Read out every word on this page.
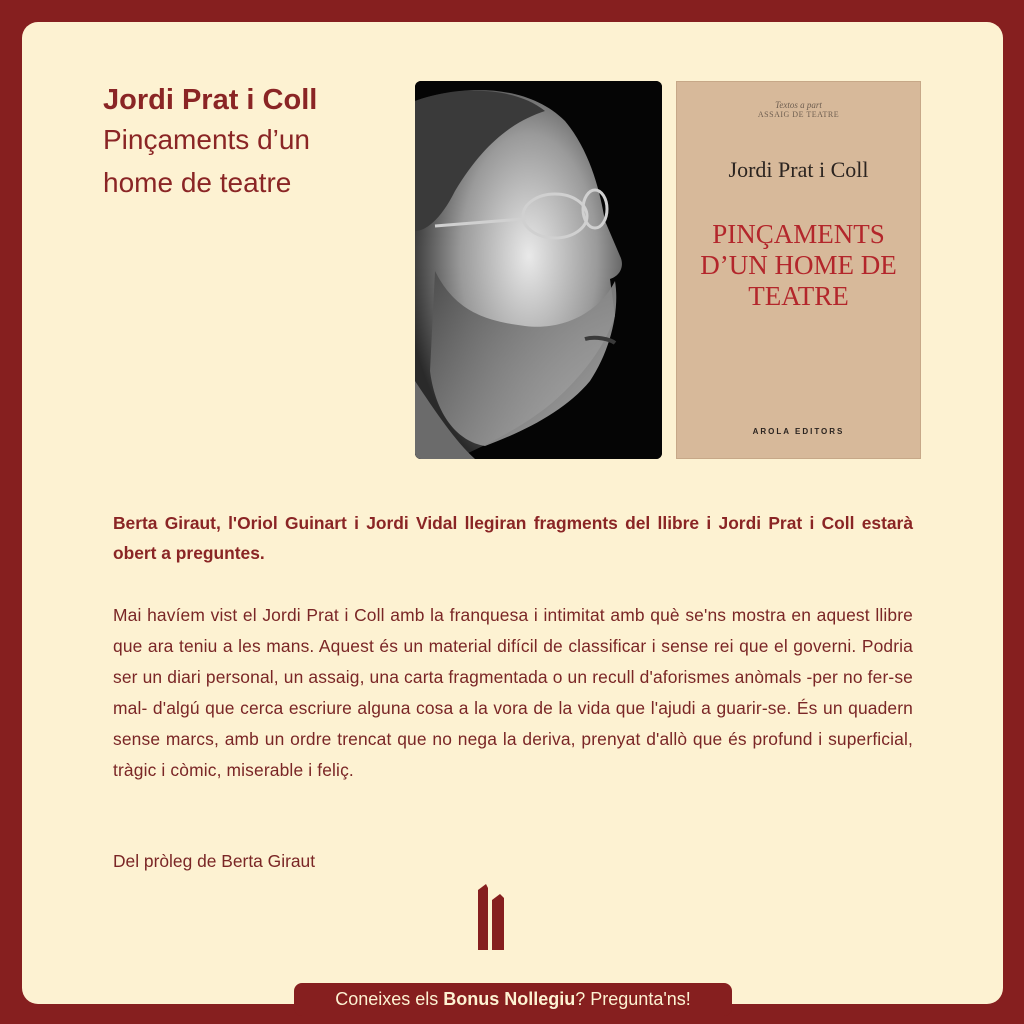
Jordi Prat i Coll
Pinçaments d’un home de teatre
Textos a part
ASSAIG DE TEATRE
Jordi Prat i Coll
PINÇAMENTS D’UN HOME DE TEATRE
AROLA EDITORS
Berta Giraut, l'Oriol Guinart i Jordi Vidal llegiran fragments del llibre i Jordi Prat i Coll estarà obert a preguntes.
Mai havíem vist el Jordi Prat i Coll amb la franquesa i intimitat amb què se'ns mostra en aquest llibre que ara teniu a les mans. Aquest és un material difícil de classificar i sense rei que el governi. Podria ser un diari personal, un assaig, una carta fragmentada o un recull d'aforismes anòmals -per no fer-se mal- d'algú que cerca escriure alguna cosa a la vora de la vida que l'ajudi a guarir-se. És un quadern sense marcs, amb un ordre trencat que no nega la deriva, prenyat d'allò que és profund i superficial, tràgic i còmic, miserable i feliç.
Del pròleg de Berta Giraut
Coneixes els Bonus Nollegiu? Pregunta'ns!
